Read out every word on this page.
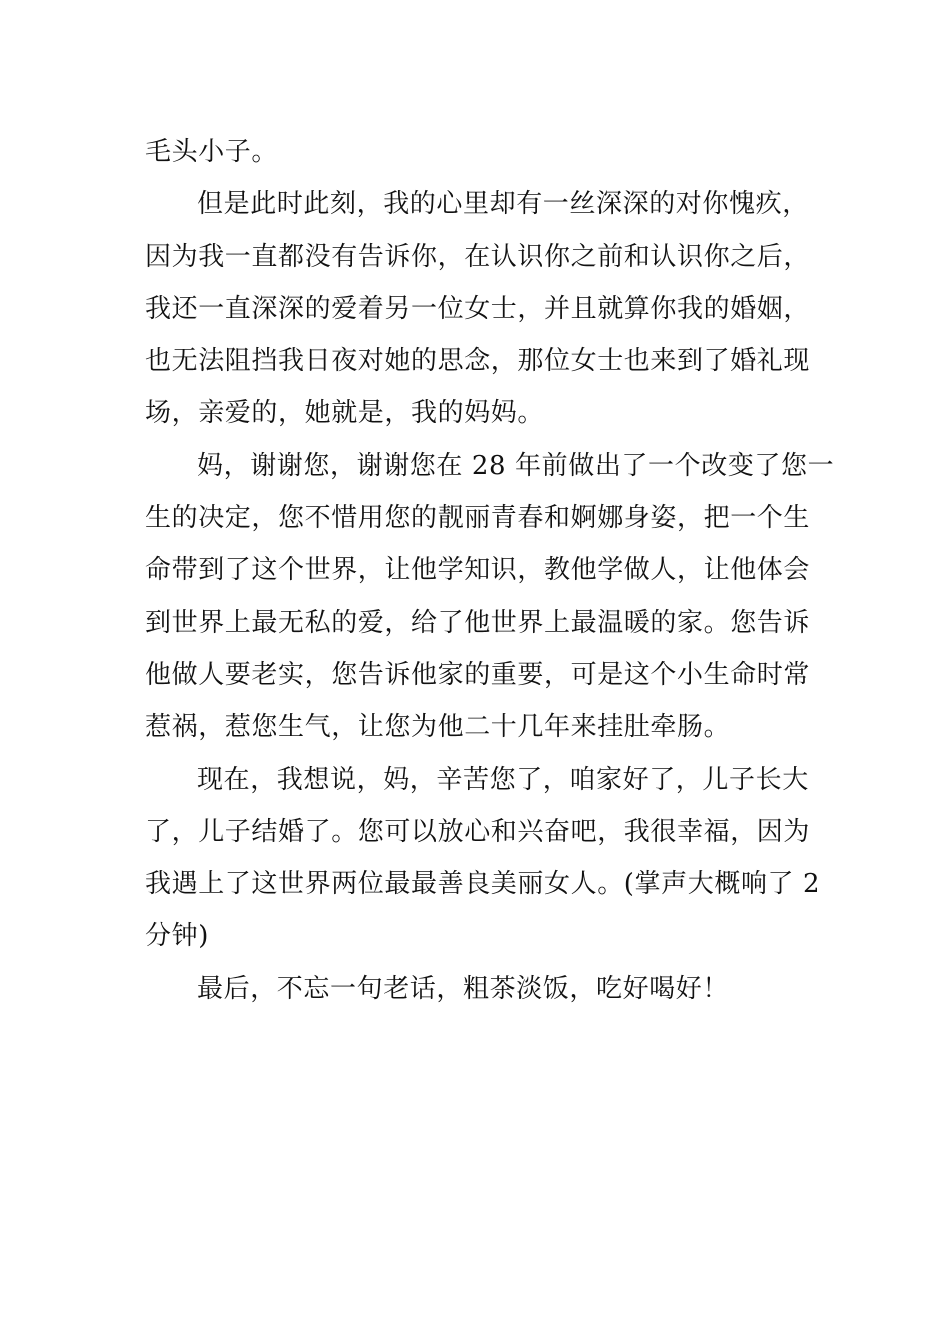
毛头小子。
但是此时此刻，我的心里却有一丝深深的对你愧疚，
因为我一直都没有告诉你，在认识你之前和认识你之后，
我还一直深深的爱着另一位女士，并且就算你我的婚姻，
也无法阻挡我日夜对她的思念，那位女士也来到了婚礼现
场，亲爱的，她就是，我的妈妈。
妈，谢谢您，谢谢您在 28 年前做出了一个改变了您一
生的决定，您不惜用您的靓丽青春和婀娜身姿，把一个生
命带到了这个世界，让他学知识，教他学做人，让他体会
到世界上最无私的爱，给了他世界上最温暖的家。您告诉
他做人要老实，您告诉他家的重要，可是这个小生命时常
惹祸，惹您生气，让您为他二十几年来挂肚牵肠。
现在，我想说，妈，辛苦您了，咱家好了，儿子长大
了，儿子结婚了。您可以放心和兴奋吧，我很幸福，因为
我遇上了这世界两位最最善良美丽女人。(掌声大概响了 2
分钟)
最后，不忘一句老话，粗茶淡饭，吃好喝好！
